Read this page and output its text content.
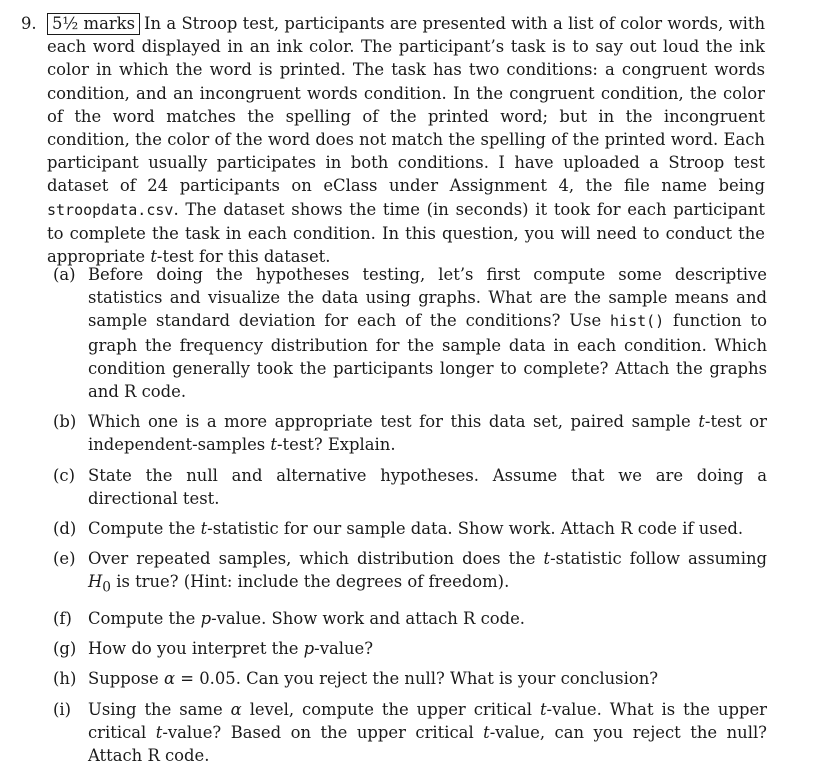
9. 5½ marks In a Stroop test, participants are presented with a list of color words, with each word displayed in an ink color. The participant’s task is to say out loud the ink color in which the word is printed. The task has two conditions: a congruent words condition, and an incongruent words condition. In the congruent condition, the color of the word matches the spelling of the printed word; but in the incongruent condition, the color of the word does not match the spelling of the printed word. Each participant usually participates in both conditions. I have uploaded a Stroop test dataset of 24 participants on eClass under Assignment 4, the file name being stroopdata.csv. The dataset shows the time (in seconds) it took for each participant to complete the task in each condition. In this question, you will need to conduct the appropriate t-test for this dataset.
(a) Before doing the hypotheses testing, let’s first compute some descriptive statistics and visualize the data using graphs. What are the sample means and sample standard deviation for each of the conditions? Use hist() function to graph the frequency distribution for the sample data in each condition. Which condition generally took the participants longer to complete? Attach the graphs and R code.
(b) Which one is a more appropriate test for this data set, paired sample t-test or independent-samples t-test? Explain.
(c) State the null and alternative hypotheses. Assume that we are doing a directional test.
(d) Compute the t-statistic for our sample data. Show work. Attach R code if used.
(e) Over repeated samples, which distribution does the t-statistic follow assuming $H_0$ is true? (Hint: include the degrees of freedom).
(f) Compute the p-value. Show work and attach R code.
(g) How do you interpret the p-value?
(h) Suppose α = 0.05. Can you reject the null? What is your conclusion?
(i) Using the same α level, compute the upper critical t-value. What is the upper critical t-value? Based on the upper critical t-value, can you reject the null? Attach R code.
